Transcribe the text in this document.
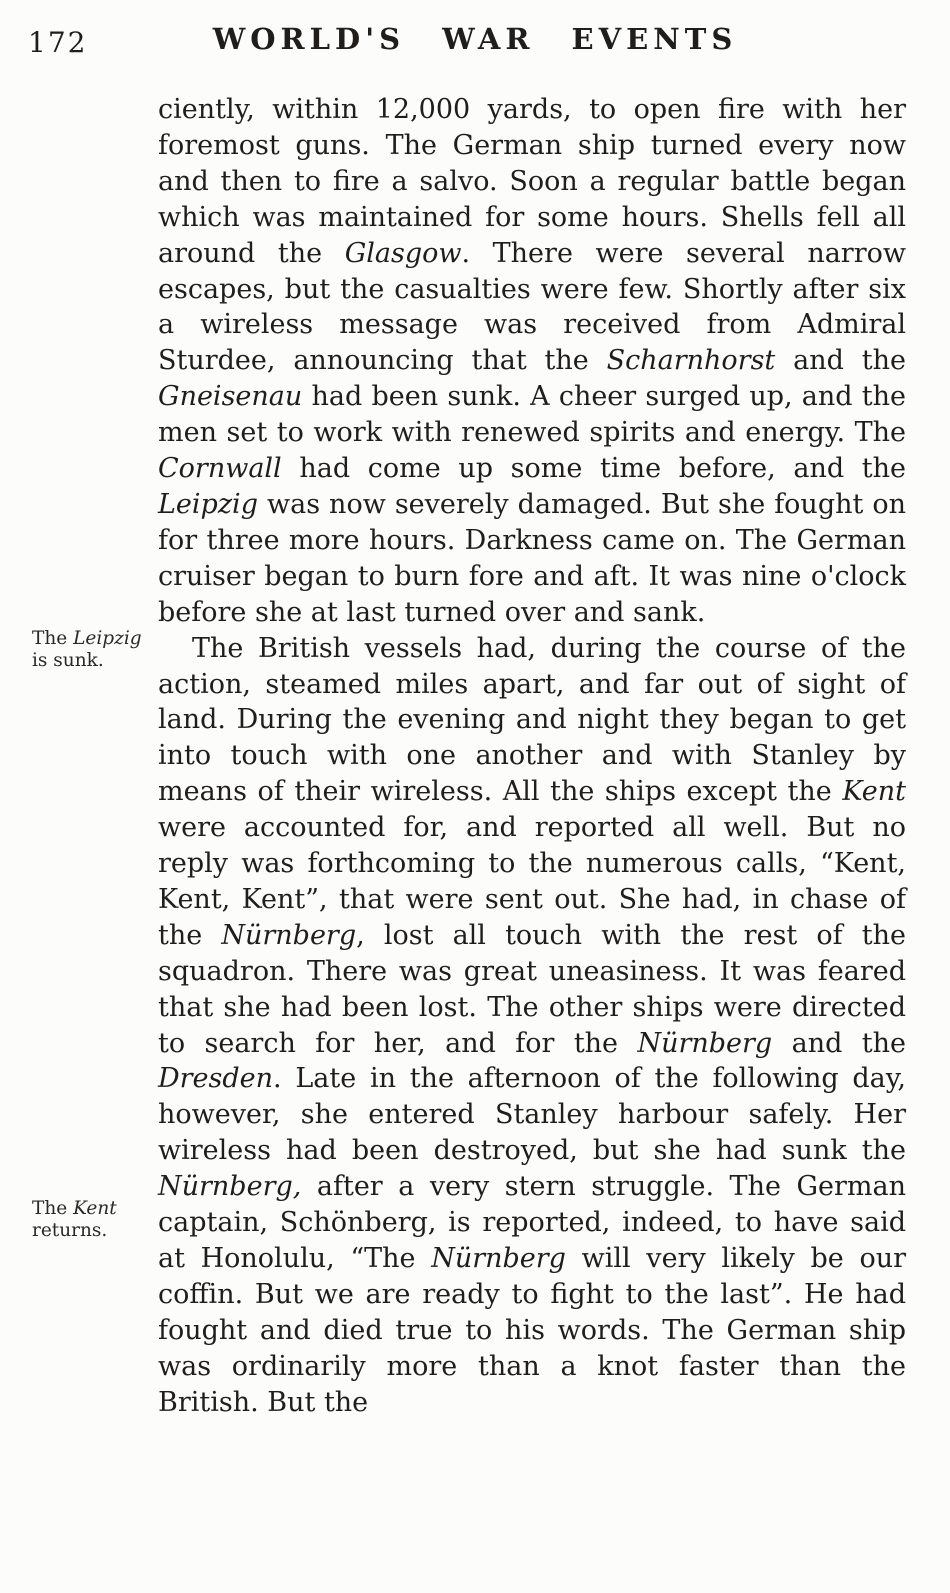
172	WORLD'S WAR EVENTS
The Leipzig is sunk.
The Kent returns.

ciently, within 12,000 yards, to open fire with her foremost guns. The German ship turned every now and then to fire a salvo. Soon a regular battle began which was maintained for some hours. Shells fell all around the Glasgow. There were several narrow escapes, but the casualties were few. Shortly after six a wireless message was received from Admiral Sturdee, announcing that the Scharnhorst and the Gneisenau had been sunk. A cheer surged up, and the men set to work with renewed spirits and energy. The Cornwall had come up some time before, and the Leipzig was now severely damaged. But she fought on for three more hours. Darkness came on. The German cruiser began to burn fore and aft. It was nine o'clock before she at last turned over and sank.

The British vessels had, during the course of the action, steamed miles apart, and far out of sight of land. During the evening and night they began to get into touch with one another and with Stanley by means of their wireless. All the ships except the Kent were accounted for, and reported all well. But no reply was forthcoming to the numerous calls, “Kent, Kent, Kent”, that were sent out. She had, in chase of the Nürnberg, lost all touch with the rest of the squadron. There was great uneasiness. It was feared that she had been lost. The other ships were directed to search for her, and for the Nürnberg and the Dresden. Late in the afternoon of the following day, however, she entered Stanley harbour safely. Her wireless had been destroyed, but she had sunk the Nürnberg, after a very stern struggle. The German captain, Schönberg, is reported, indeed, to have said at Honolulu, “The Nürnberg will very likely be our coffin. But we are ready to fight to the last”. He had fought and died true to his words. The German ship was ordinarily more than a knot faster than the British. But the
